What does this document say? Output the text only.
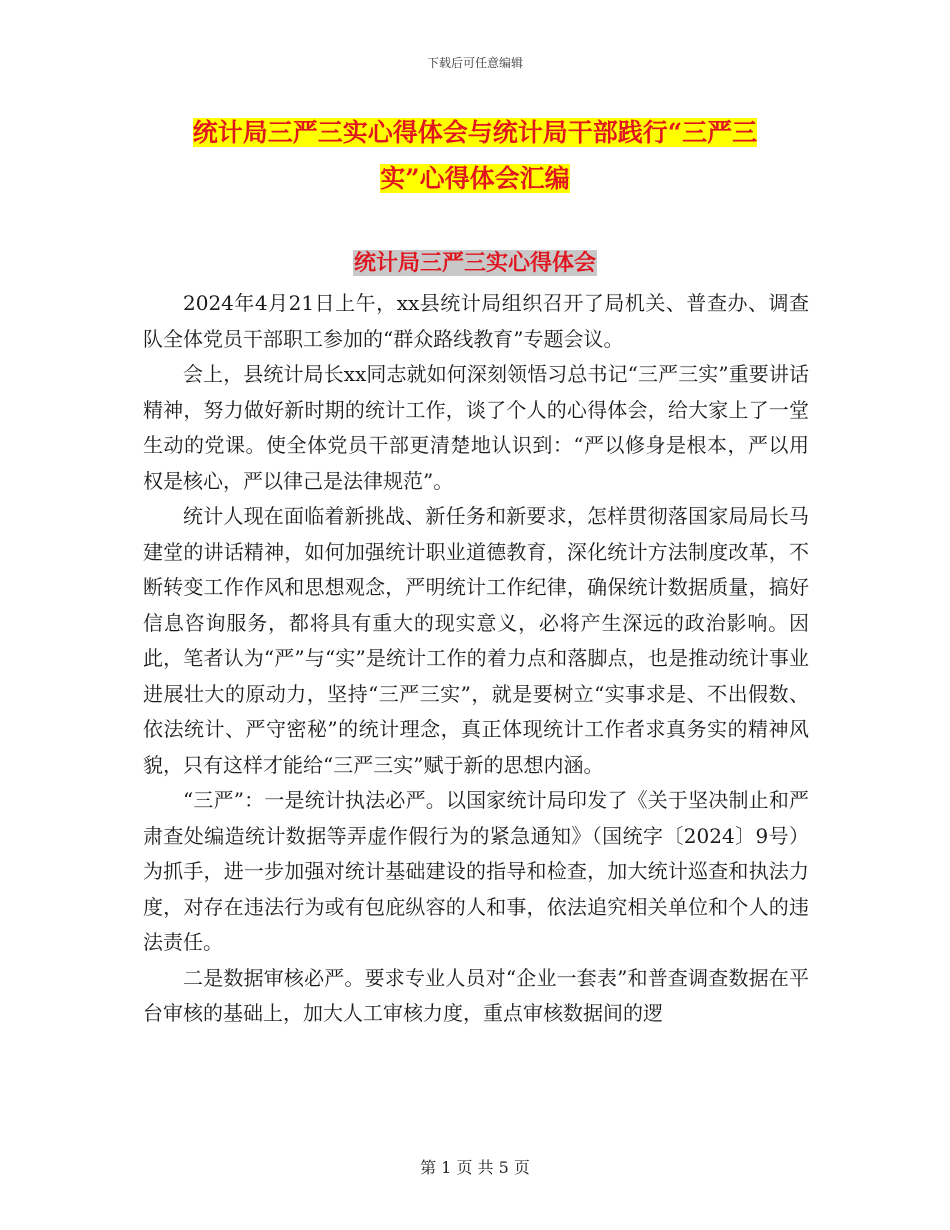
下载后可任意编辑
统计局三严三实心得体会与统计局干部践行“三严三
实”心得体会汇编
统计局三严三实心得体会

2024年4月21日上午，xx县统计局组织召开了局机关、普查办、调查队全体党员干部职工参加的“群众路线教育”专题会议。

会上，县统计局长xx同志就如何深刻领悟习总书记“三严三实”重要讲话精神，努力做好新时期的统计工作，谈了个人的心得体会，给大家上了一堂生动的党课。使全体党员干部更清楚地认识到：“严以修身是根本，严以用权是核心，严以律己是法律规范”。

统计人现在面临着新挑战、新任务和新要求，怎样贯彻落国家局局长马建堂的讲话精神，如何加强统计职业道德教育，深化统计方法制度改革，不断转变工作作风和思想观念，严明统计工作纪律，确保统计数据质量，搞好信息咨询服务，都将具有重大的现实意义，必将产生深远的政治影响。因此，笔者认为“严”与“实”是统计工作的着力点和落脚点，也是推动统计事业进展壮大的原动力，坚持“三严三实”，就是要树立“实事求是、不出假数、依法统计、严守密秘”的统计理念，真正体现统计工作者求真务实的精神风貌，只有这样才能给“三严三实”赋于新的思想内涵。

“三严”：一是统计执法必严。以国家统计局印发了《关于坚决制止和严肃查处编造统计数据等弄虚作假行为的紧急通知》（国统字〔2024〕9号）为抓手，进一步加强对统计基础建设的指导和检查，加大统计巡查和执法力度，对存在违法行为或有包庇纵容的人和事，依法追究相关单位和个人的违法责任。

二是数据审核必严。要求专业人员对“企业一套表”和普查调查数据在平台审核的基础上，加大人工审核力度，重点审核数据间的逻

第 1 页 共 5 页
